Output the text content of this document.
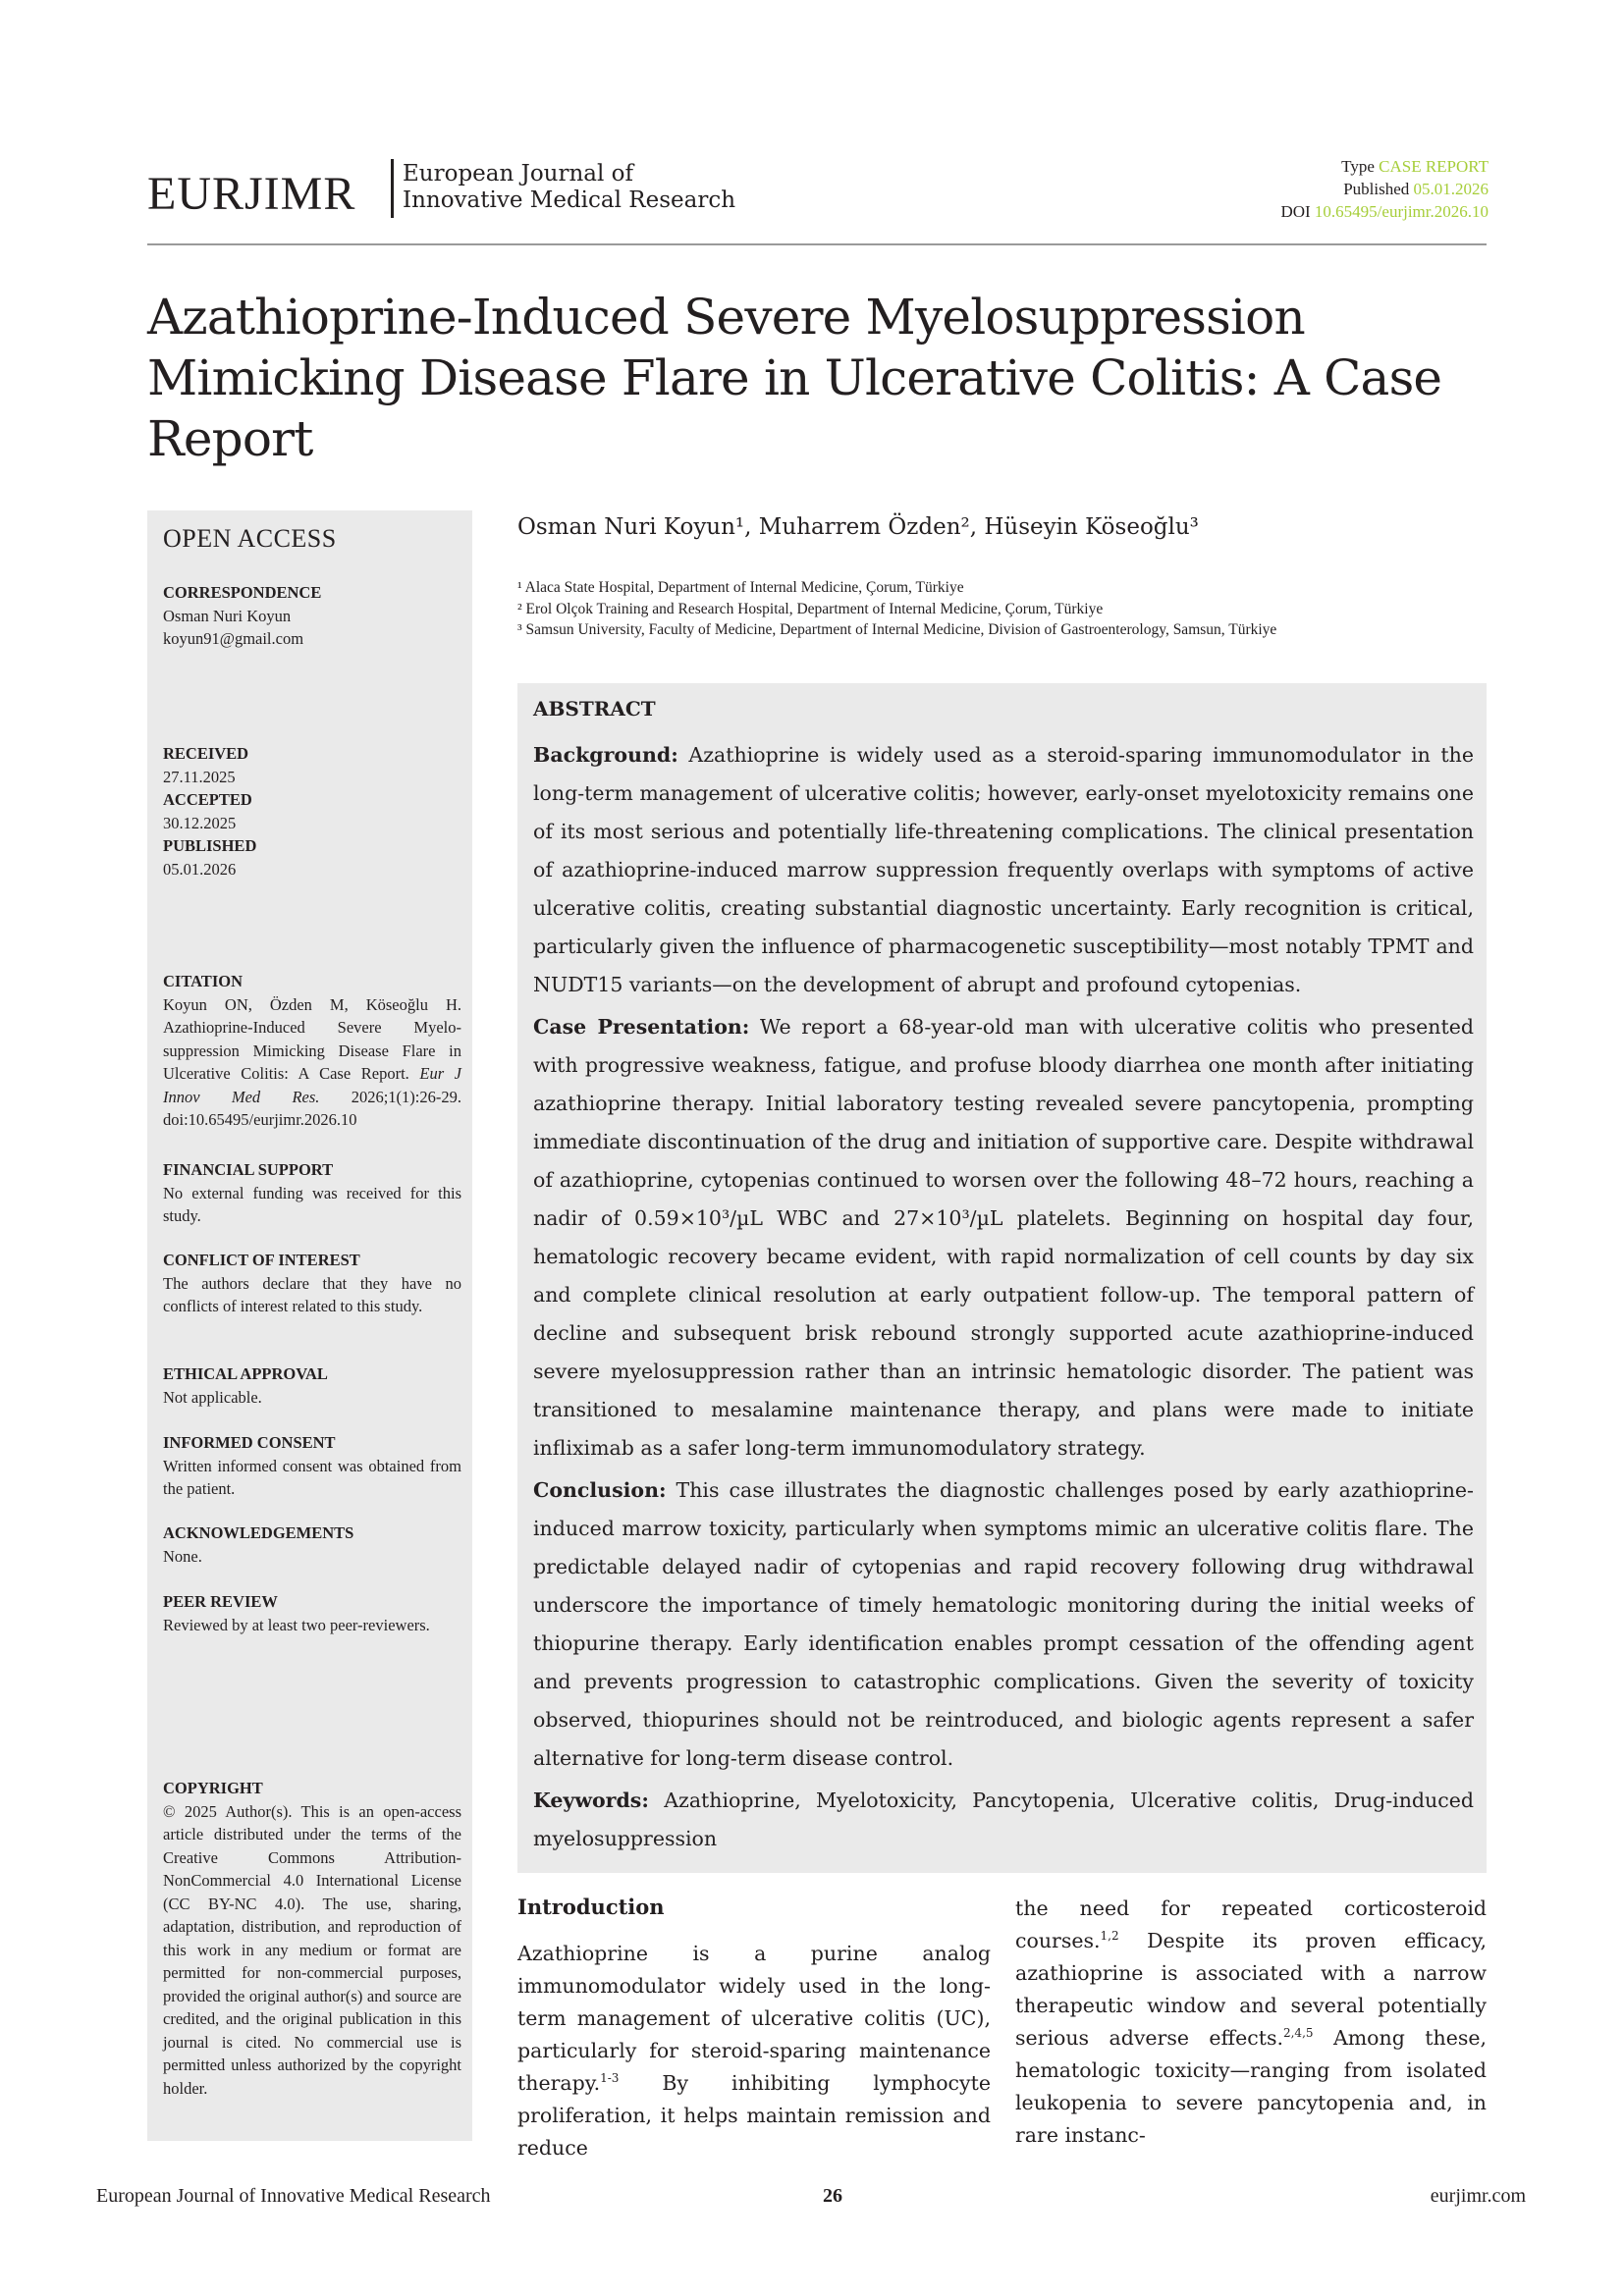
EURJIMR European Journal of
Innovative Medical Research
Type CASE REPORT
Published 05.01.2026
DOI 10.65495/eurjimr.2026.10
Azathioprine-Induced Severe Myelosuppression Mimicking Disease Flare in Ulcerative Colitis: A Case Report
OPEN ACCESS
CORRESPONDENCE
Osman Nuri Koyun
koyun91@gmail.com
RECEIVED
27.11.2025
ACCEPTED
30.12.2025
PUBLISHED
05.01.2026
CITATION
Koyun ON, Özden M, Köseoğlu H. Azathioprine-Induced Severe Myelo-suppression Mimicking Disease Flare in Ulcerative Colitis: A Case Report. Eur J Innov Med Res. 2026;1(1):26-29. doi:10.65495/eurjimr.2026.10
FINANCIAL SUPPORT
No external funding was received for this study.
CONFLICT OF INTEREST
The authors declare that they have no conflicts of interest related to this study.
ETHICAL APPROVAL
Not applicable.
INFORMED CONSENT
Written informed consent was obtained from the patient.
ACKNOWLEDGEMENTS
None.
PEER REVIEW
Reviewed by at least two peer-reviewers.
COPYRIGHT
© 2025 Author(s). This is an open-access article distributed under the terms of the Creative Commons Attribution-NonCommercial 4.0 International License (CC BY-NC 4.0). The use, sharing, adaptation, distribution, and reproduction of this work in any medium or format are permitted for non-commercial purposes, provided the original author(s) and source are credited, and the original publication in this journal is cited. No commercial use is permitted unless authorized by the copyright holder.
Osman Nuri Koyun¹, Muharrem Özden², Hüseyin Köseoğlu³
¹ Alaca State Hospital, Department of Internal Medicine, Çorum, Türkiye
² Erol Olçok Training and Research Hospital, Department of Internal Medicine, Çorum, Türkiye
³ Samsun University, Faculty of Medicine, Department of Internal Medicine, Division of Gastroenterology, Samsun, Türkiye
ABSTRACT
Background: Azathioprine is widely used as a steroid-sparing immunomodulator in the long-term management of ulcerative colitis; however, early-onset myelotoxicity remains one of its most serious and potentially life-threatening complications. The clinical presentation of azathioprine-induced marrow suppression frequently overlaps with symptoms of active ulcerative colitis, creating substantial diagnostic uncertainty. Early recognition is critical, particularly given the influence of pharmacogenetic susceptibility—most notably TPMT and NUDT15 variants—on the development of abrupt and profound cytopenias.
Case Presentation: We report a 68-year-old man with ulcerative colitis who presented with progressive weakness, fatigue, and profuse bloody diarrhea one month after initiating azathioprine therapy. Initial laboratory testing revealed severe pancytopenia, prompting immediate discontinuation of the drug and initiation of supportive care. Despite withdrawal of azathioprine, cytopenias continued to worsen over the following 48–72 hours, reaching a nadir of 0.59×10³/µL WBC and 27×10³/µL platelets. Beginning on hospital day four, hematologic recovery became evident, with rapid normalization of cell counts by day six and complete clinical resolution at early outpatient follow-up. The temporal pattern of decline and subsequent brisk rebound strongly supported acute azathioprine-induced severe myelosuppression rather than an intrinsic hematologic disorder. The patient was transitioned to mesalamine maintenance therapy, and plans were made to initiate infliximab as a safer long-term immunomodulatory strategy.
Conclusion: This case illustrates the diagnostic challenges posed by early azathioprine-induced marrow toxicity, particularly when symptoms mimic an ulcerative colitis flare. The predictable delayed nadir of cytopenias and rapid recovery following drug withdrawal underscore the importance of timely hematologic monitoring during the initial weeks of thiopurine therapy. Early identification enables prompt cessation of the offending agent and prevents progression to catastrophic complications. Given the severity of toxicity observed, thiopurines should not be reintroduced, and biologic agents represent a safer alternative for long-term disease control.
Keywords: Azathioprine, Myelotoxicity, Pancytopenia, Ulcerative colitis, Drug-induced myelosuppression
Introduction
Azathioprine is a purine analog immunomodulator widely used in the long-term management of ulcerative colitis (UC), particularly for steroid-sparing maintenance therapy.$^{1-3}$ By inhibiting lymphocyte proliferation, it helps maintain remission and reduce
the need for repeated corticosteroid courses.$^{1,2}$ Despite its proven efficacy, azathioprine is associated with a narrow therapeutic window and several potentially serious adverse effects.$^{2,4,5}$ Among these, hematologic toxicity—ranging from isolated leukopenia to severe pancytopenia and, in rare instanc-
European Journal of Innovative Medical Research	26	eurjimr.com
